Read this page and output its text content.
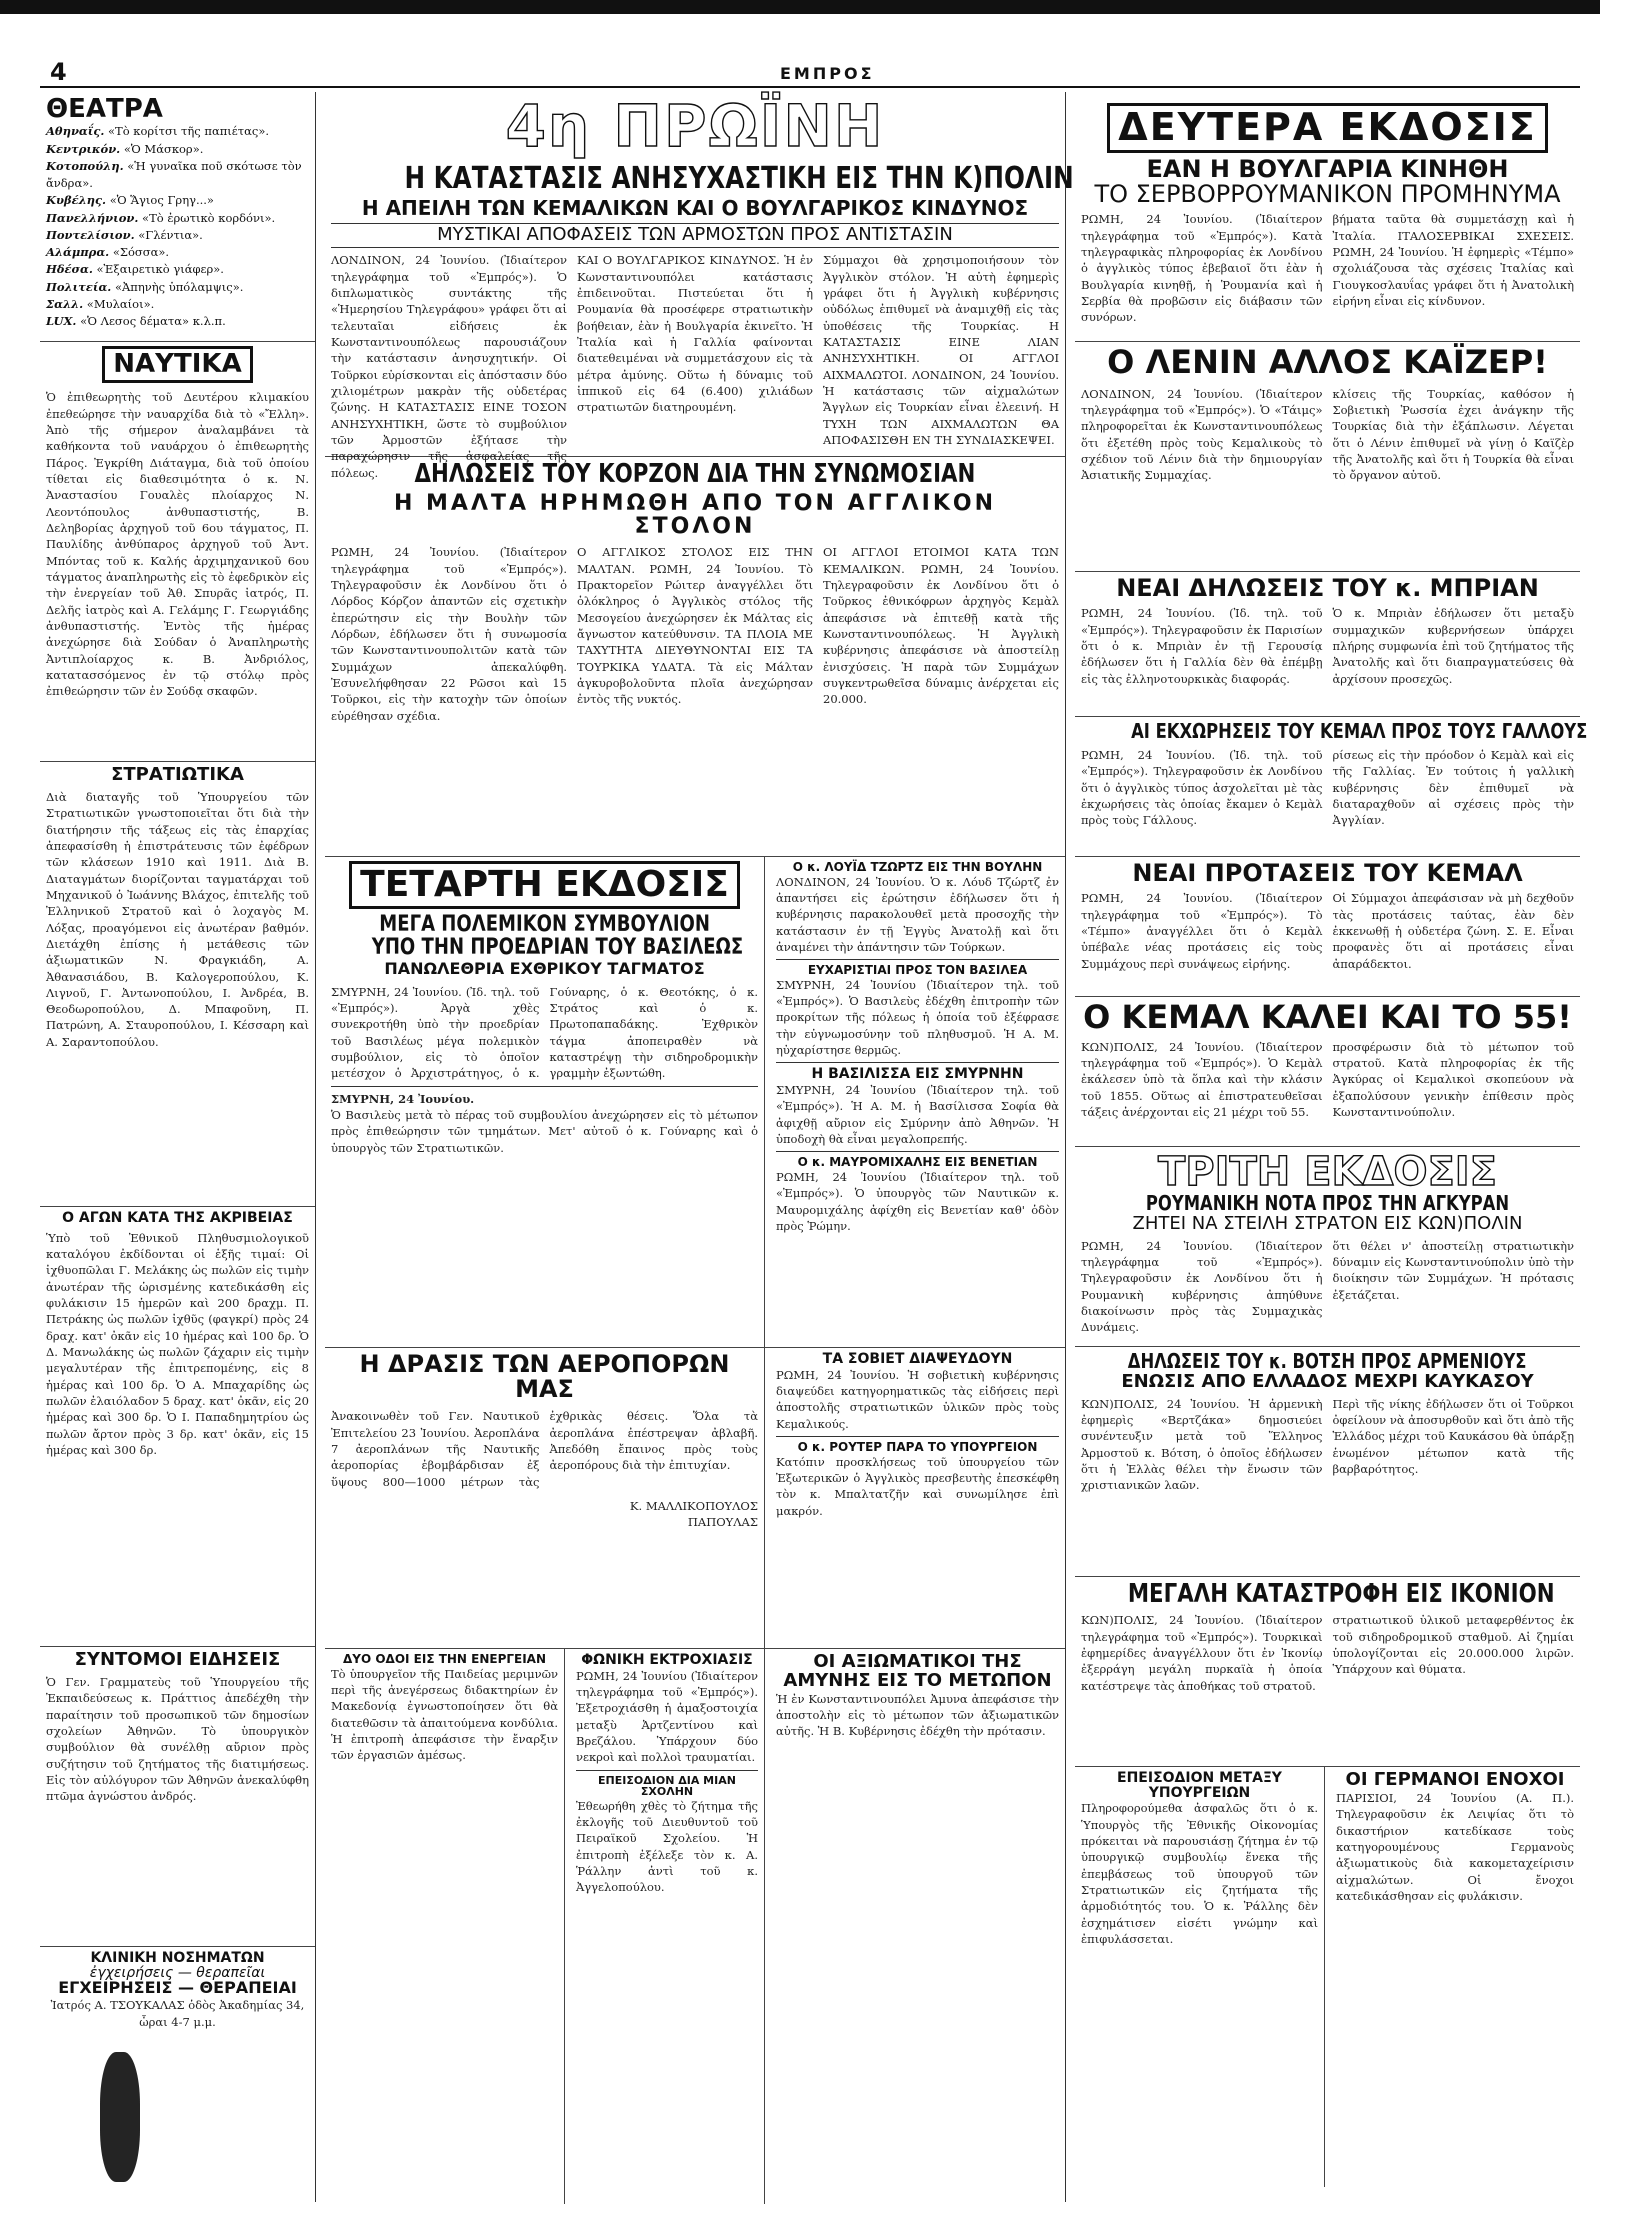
4	ΕΜΠΡΟΣ
ΘΕΑΤΡΑ
Αθηναΐς. «Τὸ κορίτσι τῆς παπιέτας».
Κεντρικόν. «Ὁ Μάσκορ».
Κοτοπούλη. «Ἡ γυναῖκα ποῦ σκότωσε τὸν ἄνδρα».
Κυβέλης. «Ὁ Ἅγιος Γρηγ...»
Πανελλήνιον. «Τὸ ἐρωτικὸ κορδόνι».
Ποντελίσιον. «Γλέντια».
Αλάμπρα. «Σόσσα».
Ηδέσα. «Ἐξαιρετικὸ γιάφερ».
Πολιτεία. «Ἀπηνὴς ὑπόλαμψις».
Σαλλ. «Μυλαίοι».
LUX. «Ὁ Λεσος δέματα» κ.λ.π.
ΝΑΥΤΙΚΑ
Ὁ ἐπιθεωρητὴς τοῦ Δευτέρου κλιμακίου ἐπεθεώρησε τὴν ναυαρχίδα διὰ τὸ «Ἔλλη». Ἀπὸ τῆς σήμερον ἀναλαμβάνει τὰ καθήκοντα τοῦ ναυάρχου ὁ ἐπιθεωρητὴς Πάρος. Ἐγκρίθη Διάταγμα, διὰ τοῦ ὁποίου τίθεται εἰς διαθεσιμότητα ὁ κ. Ν. Ἀναστασίου Γουαλὲς πλοίαρχος Ν. Λεοντόπουλος ἀνθυπαστιστής, Β. Δεληβορίας ἀρχηγοῦ τοῦ 6ου τάγματος, Π. Παυλίδης ἀνθύπαρος ἀρχηγοῦ τοῦ Ἀντ. Μπόντας τοῦ κ. Καλής ἀρχιμηχανικοῦ 6ου τάγματος ἀναπληρωτὴς εἰς τὸ ἐφεδρικὸν εἰς τὴν ἐνεργείαν τοῦ Ἀθ. Σπυρᾶς ἰατρός, Π. Δελῆς ἰατρὸς καὶ Α. Γελάμης Γ. Γεωργιάδης ἀνθυπαστιστής. Ἐντὸς τῆς ἡμέρας ἀνεχώρησε διὰ Σούδαν ὁ Ἀναπληρωτὴς Ἀντιπλοίαρχος κ. Β. Ἀνδριόλος, κατατασσόμενος ἐν τῷ στόλῳ πρὸς ἐπιθεώρησιν τῶν ἐν Σούδᾳ σκαφῶν.
ΣΤΡΑΤΙΩΤΙΚΑ
Διὰ διαταγῆς τοῦ Ὑπουργείου τῶν Στρατιωτικῶν γνωστοποιεῖται ὅτι διὰ τὴν διατήρησιν τῆς τάξεως εἰς τὰς ἐπαρχίας ἀπεφασίσθη ἡ ἐπιστράτευσις τῶν ἐφέδρων τῶν κλάσεων 1910 καὶ 1911. Διὰ Β. Διαταγμάτων διορίζονται ταγματάρχαι τοῦ Μηχανικοῦ ὁ Ἰωάννης Βλάχος, ἐπιτελῆς τοῦ Ἐλληνικοῦ Στρατοῦ καὶ ὁ λοχαγὸς Μ. Λόξας, προαγόμενοι εἰς ἀνωτέραν βαθμόν. Διετάχθη ἐπίσης ἡ μετάθεσις τῶν ἀξιωματικῶν Ν. Φραγκιάδη, Α. Ἀθανασιάδου, Β. Καλογεροπούλου, Κ. Λιγνοῦ, Γ. Ἀντωνοπούλου, Ι. Ἀνδρέα, Β. Θεοδωροπούλου, Δ. Μπαφοῦνη, Π. Πατρώνη, Α. Σταυροπούλου, Ι. Κέσσαρη καὶ Α. Σαραντοπούλου.
Ο ΑΓΩΝ ΚΑΤΑ ΤΗΣ ΑΚΡΙΒΕΙΑΣ
Ὑπὸ τοῦ Ἐθνικοῦ Πληθυσμιολογικοῦ καταλόγου ἐκδίδονται οἱ ἑξῆς τιμαί: Οἱ ἰχθυοπῶλαι Γ. Μελάκης ὡς πωλῶν εἰς τιμὴν ἀνωτέραν τῆς ὡρισμένης κατεδικάσθη εἰς φυλάκισιν 15 ἡμερῶν καὶ 200 δραχμ. Π. Πετράκης ὡς πωλῶν ἰχθῦς (φαγκρί) πρὸς 24 δραχ. κατ' ὀκᾶν εἰς 10 ἡμέρας καὶ 100 δρ. Ὁ Δ. Μανωλάκης ὡς πωλῶν ζάχαριν εἰς τιμὴν μεγαλυτέραν τῆς ἐπιτρεπομένης, εἰς 8 ἡμέρας καὶ 100 δρ. Ὁ Α. Μπαχαρίδης ὡς πωλῶν ἐλαιόλαδον 5 δραχ. κατ' ὀκᾶν, εἰς 20 ἡμέρας καὶ 300 δρ. Ὁ Ι. Παπαδημητρίου ὡς πωλῶν ἄρτον πρὸς 3 δρ. κατ' ὀκᾶν, εἰς 15 ἡμέρας καὶ 300 δρ.
ΣΥΝΤΟΜΟΙ ΕΙΔΗΣΕΙΣ
Ὁ Γεν. Γραμματεὺς τοῦ Ὑπουργείου τῆς Ἐκπαιδεύσεως κ. Πράττιος ἀπεδέχθη τὴν παραίτησιν τοῦ προσωπικοῦ τῶν δημοσίων σχολείων Ἀθηνῶν. Τὸ ὑπουργικὸν συμβούλιον θὰ συνέλθῃ αὔριον πρὸς συζήτησιν τοῦ ζητήματος τῆς διατιμήσεως. Εἰς τὸν αὐλόγυρον τῶν Ἀθηνῶν ἀνεκαλύφθη πτῶμα ἀγνώστου ἀνδρός.
ΚΛΙΝΙΚΗ ΝΟΣΗΜΑΤΩΝ
ἐγχειρήσεις — θεραπεῖαι
ΕΓΧΕΙΡΗΣΕΙΣ — ΘΕΡΑΠΕΙΑΙ
Ἰατρός Α. ΤΣΟΥΚΑΛΑΣ ὁδὸς Ἀκαδημίας 34, ὧραι 4-7 μ.μ.
4η ΠΡΩΪΝΗ
Η ΚΑΤΑΣΤΑΣΙΣ ΑΝΗΣΥΧΑΣΤΙΚΗ ΕΙΣ ΤΗΝ Κ)ΠΟΛΙΝ
Η ΑΠΕΙΛΗ ΤΩΝ ΚΕΜΑΛΙΚΩΝ ΚΑΙ Ο ΒΟΥΛΓΑΡΙΚΟΣ ΚΙΝΔΥΝΟΣ
ΜΥΣΤΙΚΑΙ ΑΠΟΦΑΣΕΙΣ ΤΩΝ ΑΡΜΟΣΤΩΝ ΠΡΟΣ ΑΝΤΙΣΤΑΣΙΝ
ΛΟΝΔΙΝΟΝ, 24 Ἰουνίου. (Ἰδιαίτερον τηλεγράφημα τοῦ «Ἐμπρός»). Ὁ διπλωματικὸς συντάκτης τῆς «Ἡμερησίου Τηλεγράφου» γράφει ὅτι αἱ τελευταῖαι εἰδήσεις ἐκ Κωνσταντινουπόλεως παρουσιάζουν τὴν κατάστασιν ἀνησυχητικήν. Οἱ Τοῦρκοι εὑρίσκονται εἰς ἀπόστασιν δύο χιλιομέτρων μακρὰν τῆς οὐδετέρας ζώνης. Η ΚΑΤΑΣΤΑΣΙΣ ΕΙΝΕ ΤΟΣΟΝ ΑΝΗΣΥΧΗΤΙΚΗ, ὥστε τὸ συμβούλιον τῶν Ἀρμοστῶν ἐξήτασε τὴν παραχώρησιν τῆς ἀσφαλείας τῆς πόλεως.
ΚΑΙ Ο ΒΟΥΛΓΑΡΙΚΟΣ ΚΙΝΔΥΝΟΣ. Ἡ ἐν Κωνσταντινουπόλει κατάστασις ἐπιδεινοῦται. Πιστεύεται ὅτι ἡ Ρουμανία θὰ προσέφερε στρατιωτικὴν βοήθειαν, ἐὰν ἡ Βουλγαρία ἐκινεῖτο. Ἡ Ἰταλία καὶ ἡ Γαλλία φαίνονται διατεθειμέναι νὰ συμμετάσχουν εἰς τὰ μέτρα ἀμύνης. Οὕτω ἡ δύναμις τοῦ ἱππικοῦ εἰς 64 (6.400) χιλιάδων στρατιωτῶν διατηρουμένη.
Σύμμαχοι θὰ χρησιμοποιήσουν τὸν Ἀγγλικὸν στόλον. Ἡ αὐτὴ ἐφημερὶς γράφει ὅτι ἡ Ἀγγλικὴ κυβέρνησις οὐδόλως ἐπιθυμεῖ νὰ ἀναμιχθῇ εἰς τὰς ὑποθέσεις τῆς Τουρκίας. Η ΚΑΤΑΣΤΑΣΙΣ ΕΙΝΕ ΛΙΑΝ ΑΝΗΣΥΧΗΤΙΚΗ. ΟΙ ΑΓΓΛΟΙ ΑΙΧΜΑΛΩΤΟΙ. ΛΟΝΔΙΝΟΝ, 24 Ἰουνίου. Ἡ κατάστασις τῶν αἰχμαλώτων Ἄγγλων εἰς Τουρκίαν εἶναι ἐλεεινή. Η ΤΥΧΗ ΤΩΝ ΑΙΧΜΑΛΩΤΩΝ ΘΑ ΑΠΟΦΑΣΙΣΘΗ ΕΝ ΤΗ ΣΥΝΔΙΑΣΚΕΨΕΙ.
ΔΗΛΩΣΕΙΣ ΤΟΥ ΚΟΡΖΟΝ ΔΙΑ ΤΗΝ ΣΥΝΩΜΟΣΙΑΝ
Η ΜΑΛΤΑ ΗΡΗΜΩΘΗ ΑΠΟ ΤΟΝ ΑΓΓΛΙΚΟΝ ΣΤΟΛΟΝ
ΡΩΜΗ, 24 Ἰουνίου. (Ἰδιαίτερον τηλεγράφημα τοῦ «Ἐμπρός»). Τηλεγραφοῦσιν ἐκ Λονδίνου ὅτι ὁ Λόρδος Κόρζον ἀπαντῶν εἰς σχετικὴν ἐπερώτησιν εἰς τὴν Βουλὴν τῶν Λόρδων, ἐδήλωσεν ὅτι ἡ συνωμοσία τῶν Κωνσταντινουπολιτῶν κατὰ τῶν Συμμάχων ἀπεκαλύφθη. Ἐσυνελήφθησαν 22 Ρῶσοι καὶ 15 Τοῦρκοι, εἰς τὴν κατοχὴν τῶν ὁποίων εὑρέθησαν σχέδια.
Ο ΑΓΓΛΙΚΟΣ ΣΤΟΛΟΣ ΕΙΣ ΤΗΝ ΜΑΛΤΑΝ. ΡΩΜΗ, 24 Ἰουνίου. Τὸ Πρακτορεῖον Ρώιτερ ἀναγγέλλει ὅτι ὁλόκληρος ὁ Ἀγγλικὸς στόλος τῆς Μεσογείου ἀνεχώρησεν ἐκ Μάλτας εἰς ἄγνωστον κατεύθυνσιν. ΤΑ ΠΛΟΙΑ ΜΕ ΤΑΧΥΤΗΤΑ ΔΙΕΥΘΥΝΟΝΤΑΙ ΕΙΣ ΤΑ ΤΟΥΡΚΙΚΑ ΥΔΑΤΑ. Τὰ εἰς Μάλταν ἀγκυροβολοῦντα πλοῖα ἀνεχώρησαν ἐντὸς τῆς νυκτός.
ΟΙ ΑΓΓΛΟΙ ΕΤΟΙΜΟΙ ΚΑΤΑ ΤΩΝ ΚΕΜΑΛΙΚΩΝ. ΡΩΜΗ, 24 Ἰουνίου. Τηλεγραφοῦσιν ἐκ Λονδίνου ὅτι ὁ Τοῦρκος ἐθνικόφρων ἀρχηγὸς Κεμὰλ ἀπεφάσισε νὰ ἐπιτεθῇ κατὰ τῆς Κωνσταντινουπόλεως. Ἡ Ἀγγλικὴ κυβέρνησις ἀπεφάσισε νὰ ἀποστείλῃ ἐνισχύσεις. Ἡ παρὰ τῶν Συμμάχων συγκεντρωθεῖσα δύναμις ἀνέρχεται εἰς 20.000.
ΤΕΤΑΡΤΗ ΕΚΔΟΣΙΣ
ΜΕΓΑ ΠΟΛΕΜΙΚΟΝ ΣΥΜΒΟΥΛΙΟΝ
ΥΠΟ ΤΗΝ ΠΡΟΕΔΡΙΑΝ ΤΟΥ ΒΑΣΙΛΕΩΣ
ΠΑΝΩΛΕΘΡΙΑ ΕΧΘΡΙΚΟΥ ΤΑΓΜΑΤΟΣ
ΣΜΥΡΝΗ, 24 Ἰουνίου. (Ἰδ. τηλ. τοῦ «Ἐμπρός»). Ἀργὰ χθὲς συνεκροτήθη ὑπὸ τὴν προεδρίαν τοῦ Βασιλέως μέγα πολεμικὸν συμβούλιον, εἰς τὸ ὁποῖον μετέσχον ὁ Ἀρχιστράτηγος, ὁ κ. Γούναρης, ὁ κ. Θεοτόκης, ὁ κ. Στράτος καὶ ὁ κ. Πρωτοπαπαδάκης. Ἐχθρικὸν τάγμα ἀποπειραθὲν νὰ καταστρέψῃ τὴν σιδηροδρομικὴν γραμμὴν ἐξωντώθη.
ΣΜΥΡΝΗ, 24 Ἰουνίου.
Ὁ Βασιλεὺς μετὰ τὸ πέρας τοῦ συμβουλίου ἀνεχώρησεν εἰς τὸ μέτωπον πρὸς ἐπιθεώρησιν τῶν τμημάτων. Μετ' αὐτοῦ ὁ κ. Γούναρης καὶ ὁ ὑπουργὸς τῶν Στρατιωτικῶν.
Ο κ. ΛΟΥΪΔ ΤΖΩΡΤΖ ΕΙΣ ΤΗΝ ΒΟΥΛΗΝ
ΛΟΝΔΙΝΟΝ, 24 Ἰουνίου. Ὁ κ. Λόυδ Τζώρτζ ἐν ἀπαντήσει εἰς ἐρώτησιν ἐδήλωσεν ὅτι ἡ κυβέρνησις παρακολουθεῖ μετὰ προσοχῆς τὴν κατάστασιν ἐν τῇ Ἐγγὺς Ἀνατολῇ καὶ ὅτι ἀναμένει τὴν ἀπάντησιν τῶν Τούρκων.
ΕΥΧΑΡΙΣΤΙΑΙ ΠΡΟΣ ΤΟΝ ΒΑΣΙΛΕΑ
ΣΜΥΡΝΗ, 24 Ἰουνίου (Ἰδιαίτερον τηλ. τοῦ «Ἐμπρός»). Ὁ Βασιλεὺς ἐδέχθη ἐπιτροπὴν τῶν προκρίτων τῆς πόλεως ἡ ὁποία τοῦ ἐξέφρασε τὴν εὐγνωμοσύνην τοῦ πληθυσμοῦ. Ἡ Α. Μ. ηὐχαρίστησε θερμῶς.
Η ΒΑΣΙΛΙΣΣΑ ΕΙΣ ΣΜΥΡΝΗΝ
ΣΜΥΡΝΗ, 24 Ἰουνίου (Ἰδιαίτερον τηλ. τοῦ «Ἐμπρός»). Ἡ Α. Μ. ἡ Βασίλισσα Σοφία θὰ ἀφιχθῇ αὔριον εἰς Σμύρνην ἀπὸ Ἀθηνῶν. Ἡ ὑποδοχὴ θὰ εἶναι μεγαλοπρεπής.
Ο κ. ΜΑΥΡΟΜΙΧΑΛΗΣ ΕΙΣ ΒΕΝΕΤΙΑΝ
ΡΩΜΗ, 24 Ἰουνίου (Ἰδιαίτερον τηλ. τοῦ «Ἐμπρός»). Ὁ ὑπουργὸς τῶν Ναυτικῶν κ. Μαυρομιχάλης ἀφίχθη εἰς Βενετίαν καθ' ὁδὸν πρὸς Ῥώμην.
Η ΔΡΑΣΙΣ ΤΩΝ ΑΕΡΟΠΟΡΩΝ ΜΑΣ
Ἀνακοινωθὲν τοῦ Γεν. Ναυτικοῦ Ἐπιτελείου 23 Ἰουνίου. Ἀεροπλάνα 7 ἀεροπλάνων τῆς Ναυτικῆς ἀεροπορίας ἐβομβάρδισαν ἐξ ὕψους 800—1000 μέτρων τὰς ἐχθρικὰς θέσεις. Ὅλα τὰ ἀεροπλάνα ἐπέστρεψαν ἀβλαβῆ. Ἀπεδόθη ἔπαινος πρὸς τοὺς ἀεροπόρους διὰ τὴν ἐπιτυχίαν.
Κ. ΜΑΛΛΙΚΟΠΟΥΛΟΣ
ΠΑΠΟΥΛΑΣ
ΤΑ ΣΟΒΙΕΤ ΔΙΑΨΕΥΔΟΥΝ
ΡΩΜΗ, 24 Ἰουνίου. Ἡ σοβιετικὴ κυβέρνησις διαψεύδει κατηγορηματικῶς τὰς εἰδήσεις περὶ ἀποστολῆς στρατιωτικῶν ὑλικῶν πρὸς τοὺς Κεμαλικούς.
Ο κ. ΡΟΥΤΕΡ ΠΑΡΑ ΤΟ ΥΠΟΥΡΓΕΙΟΝ
Κατόπιν προσκλήσεως τοῦ ὑπουργείου τῶν Ἐξωτερικῶν ὁ Ἀγγλικὸς πρεσβευτὴς ἐπεσκέφθη τὸν κ. Μπαλτατζῆν καὶ συνωμίλησε ἐπὶ μακρόν.
ΔΥΟ ΟΔΟΙ ΕΙΣ ΤΗΝ ΕΝΕΡΓΕΙΑΝ
Τὸ ὑπουργεῖον τῆς Παιδείας μεριμνῶν περὶ τῆς ἀνεγέρσεως διδακτηρίων ἐν Μακεδονίᾳ ἐγνωστοποίησεν ὅτι θὰ διατεθῶσιν τὰ ἀπαιτούμενα κονδύλια. Ἡ ἐπιτροπὴ ἀπεφάσισε τὴν ἔναρξιν τῶν ἐργασιῶν ἀμέσως.
ΦΩΝΙΚΗ ΕΚΤΡΟΧΙΑΣΙΣ
ΡΩΜΗ, 24 Ἰουνίου (Ἰδιαίτερον τηλεγράφημα τοῦ «Ἐμπρός»). Ἐξετροχιάσθη ἡ ἀμαξοστοιχία μεταξὺ Ἀρτζεντίνου καὶ Βρεζάλου. Ὑπάρχουν δύο νεκροὶ καὶ πολλοὶ τραυματίαι.
ΕΠΕΙΣΟΔΙΟΝ ΔΙΑ ΜΙΑΝ ΣΧΟΛΗΝ
Ἐθεωρήθη χθὲς τὸ ζήτημα τῆς ἐκλογῆς τοῦ Διευθυντοῦ τοῦ Πειραϊκοῦ Σχολείου. Ἡ ἐπιτροπὴ ἐξέλεξε τὸν κ. Α. Ῥάλλην ἀντὶ τοῦ κ. Ἀγγελοπούλου.
ΟΙ ΑΞΙΩΜΑΤΙΚΟΙ ΤΗΣ ΑΜΥΝΗΣ ΕΙΣ ΤΟ ΜΕΤΩΠΟΝ
Ἡ ἐν Κωνσταντινουπόλει Ἀμυνα ἀπεφάσισε τὴν ἀποστολὴν εἰς τὸ μέτωπον τῶν ἀξιωματικῶν αὐτῆς. Ἡ Β. Κυβέρνησις ἐδέχθη τὴν πρότασιν.
ΔΕΥΤΕΡΑ ΕΚΔΟΣΙΣ
ΕΑΝ Η ΒΟΥΛΓΑΡΙΑ ΚΙΝΗΘΗ
ΤΟ ΣΕΡΒΟΡΡΟΥΜΑΝΙΚΟΝ ΠΡΟΜΗΝΥΜΑ
ΡΩΜΗ, 24 Ἰουνίου. (Ἰδιαίτερον τηλεγράφημα τοῦ «Ἐμπρός»). Κατὰ τηλεγραφικὰς πληροφορίας ἐκ Λονδίνου ὁ ἀγγλικὸς τύπος ἐβεβαιοῖ ὅτι ἐὰν ἡ Βουλγαρία κινηθῇ, ἡ Ῥουμανία καὶ ἡ Σερβία θὰ προβῶσιν εἰς διάβασιν τῶν συνόρων.
βήματα ταῦτα θὰ συμμετάσχῃ καὶ ἡ Ἰταλία. ΙΤΑΛΟΣΕΡΒΙΚΑΙ ΣΧΕΣΕΙΣ. ΡΩΜΗ, 24 Ἰουνίου. Ἡ ἐφημερὶς «Τέμπο» σχολιάζουσα τὰς σχέσεις Ἰταλίας καὶ Γιουγκοσλαυΐας γράφει ὅτι ἡ Ἀνατολικὴ εἰρήνη εἶναι εἰς κίνδυνον.
Ο ΛΕΝΙΝ ΑΛΛΟΣ ΚΑΪΖΕΡ!
ΛΟΝΔΙΝΟΝ, 24 Ἰουνίου. (Ἰδιαίτερον τηλεγράφημα τοῦ «Ἐμπρός»). Ὁ «Τάιμς» πληροφορεῖται ἐκ Κωνσταντινουπόλεως ὅτι ἐξετέθη πρὸς τοὺς Κεμαλικοὺς τὸ σχέδιον τοῦ Λένιν διὰ τὴν δημιουργίαν Ἀσιατικῆς Συμμαχίας.
κλίσεις τῆς Τουρκίας, καθόσον ἡ Σοβιετικὴ Ῥωσσία ἐχει ἀνάγκην τῆς Τουρκίας διὰ τὴν ἐξάπλωσιν. Λέγεται ὅτι ὁ Λένιν ἐπιθυμεῖ νὰ γίνῃ ὁ Καϊζὲρ τῆς Ἀνατολῆς καὶ ὅτι ἡ Τουρκία θὰ εἶναι τὸ ὄργανον αὐτοῦ.
ΝΕΑΙ ΔΗΛΩΣΕΙΣ ΤΟΥ κ. ΜΠΡΙΑΝ
ΡΩΜΗ, 24 Ἰουνίου. (Ἰδ. τηλ. τοῦ «Ἐμπρός»). Τηλεγραφοῦσιν ἐκ Παρισίων ὅτι ὁ κ. Μπριὰν ἐν τῇ Γερουσίᾳ ἐδήλωσεν ὅτι ἡ Γαλλία δὲν θὰ ἐπέμβῃ εἰς τὰς ἐλληνοτουρκικὰς διαφοράς.
Ὁ κ. Μπριὰν ἐδήλωσεν ὅτι μεταξὺ συμμαχικῶν κυβερνήσεων ὑπάρχει πλήρης συμφωνία ἐπὶ τοῦ ζητήματος τῆς Ἀνατολῆς καὶ ὅτι διαπραγματεύσεις θὰ ἀρχίσουν προσεχῶς.
ΑΙ ΕΚΧΩΡΗΣΕΙΣ ΤΟΥ ΚΕΜΑΛ ΠΡΟΣ ΤΟΥΣ ΓΑΛΛΟΥΣ
ΡΩΜΗ, 24 Ἰουνίου. (Ἰδ. τηλ. τοῦ «Ἐμπρός»). Τηλεγραφοῦσιν ἐκ Λονδίνου ὅτι ὁ ἀγγλικὸς τύπος ἀσχολεῖται μὲ τὰς ἐκχωρήσεις τὰς ὁποίας ἔκαμεν ὁ Κεμὰλ πρὸς τοὺς Γάλλους.
ρίσεως εἰς τὴν πρόοδον ὁ Κεμὰλ καὶ εἰς τῆς Γαλλίας. Ἐν τούτοις ἡ γαλλικὴ κυβέρνησις δὲν ἐπιθυμεῖ νὰ διαταραχθοῦν αἱ σχέσεις πρὸς τὴν Ἀγγλίαν.
ΝΕΑΙ ΠΡΟΤΑΣΕΙΣ ΤΟΥ ΚΕΜΑΛ
ΡΩΜΗ, 24 Ἰουνίου. (Ἰδιαίτερον τηλεγράφημα τοῦ «Ἐμπρός»). Τὸ «Τέμπο» ἀναγγέλλει ὅτι ὁ Κεμὰλ ὑπέβαλε νέας προτάσεις εἰς τοὺς Συμμάχους περὶ συνάψεως εἰρήνης.
Οἱ Σύμμαχοι ἀπεφάσισαν νὰ μὴ δεχθοῦν τὰς προτάσεις ταύτας, ἐὰν δὲν ἐκκενωθῇ ἡ οὐδετέρα ζώνη. Σ. Ε. Εἶναι προφανὲς ὅτι αἱ προτάσεις εἶναι ἀπαράδεκτοι.
Ο ΚΕΜΑΛ ΚΑΛΕΙ ΚΑΙ ΤΟ 55!
ΚΩΝ)ΠΟΛΙΣ, 24 Ἰουνίου. (Ἰδιαίτερον τηλεγράφημα τοῦ «Ἐμπρός»). Ὁ Κεμὰλ ἐκάλεσεν ὑπὸ τὰ ὅπλα καὶ τὴν κλάσιν τοῦ 1855. Οὕτως αἱ ἐπιστρατευθεῖσαι τάξεις ἀνέρχονται εἰς 21 μέχρι τοῦ 55.
προσφέρωσιν διὰ τὸ μέτωπον τοῦ στρατοῦ. Κατὰ πληροφορίας ἐκ τῆς Ἀγκύρας οἱ Κεμαλικοὶ σκοπεύουν νὰ ἐξαπολύσουν γενικὴν ἐπίθεσιν πρὸς Κωνσταντινούπολιν.
ΤΡΙΤΗ ΕΚΔΟΣΙΣ
ΡΟΥΜΑΝΙΚΗ ΝΟΤΑ ΠΡΟΣ ΤΗΝ ΑΓΚΥΡΑΝ
ΖΗΤΕΙ ΝΑ ΣΤΕΙΛΗ ΣΤΡΑΤΟΝ ΕΙΣ ΚΩΝ)ΠΟΛΙΝ
ΡΩΜΗ, 24 Ἰουνίου. (Ἰδιαίτερον τηλεγράφημα τοῦ «Ἐμπρός»). Τηλεγραφοῦσιν ἐκ Λονδίνου ὅτι ἡ Ρουμανικὴ κυβέρνησις ἀπηύθυνε διακοίνωσιν πρὸς τὰς Συμμαχικὰς Δυνάμεις.
ὅτι θέλει ν' ἀποστείλῃ στρατιωτικὴν δύναμιν εἰς Κωνσταντινούπολιν ὑπὸ τὴν διοίκησιν τῶν Συμμάχων. Ἡ πρότασις ἐξετάζεται.
ΔΗΛΩΣΕΙΣ ΤΟΥ κ. ΒΟΤΣΗ ΠΡΟΣ ΑΡΜΕΝΙΟΥΣ
ΕΝΩΣΙΣ ΑΠΟ ΕΛΛΑΔΟΣ ΜΕΧΡΙ ΚΑΥΚΑΣΟΥ
ΚΩΝ)ΠΟΛΙΣ, 24 Ἰουνίου. Ἡ ἀρμενικὴ ἐφημερὶς «Βερτζάκα» δημοσιεύει συνέντευξιν μετὰ τοῦ Ἕλληνος Ἀρμοστοῦ κ. Βότση, ὁ ὁποῖος ἐδήλωσεν ὅτι ἡ Ἑλλὰς θέλει τὴν ἕνωσιν τῶν χριστιανικῶν λαῶν.
Περὶ τῆς νίκης ἐδήλωσεν ὅτι οἱ Τοῦρκοι ὀφείλουν νὰ ἀποσυρθοῦν καὶ ὅτι ἀπὸ τῆς Ἑλλάδος μέχρι τοῦ Καυκάσου θὰ ὑπάρξῃ ἑνωμένον μέτωπον κατὰ τῆς βαρβαρότητος.
ΜΕΓΑΛΗ ΚΑΤΑΣΤΡΟΦΗ ΕΙΣ ΙΚΟΝΙΟΝ
ΚΩΝ)ΠΟΛΙΣ, 24 Ἰουνίου. (Ἰδιαίτερον τηλεγράφημα τοῦ «Ἐμπρός»). Τουρκικαὶ ἐφημερίδες ἀναγγέλλουν ὅτι ἐν Ἰκονίῳ ἐξερράγη μεγάλη πυρκαϊὰ ἡ ὁποία κατέστρεψε τὰς ἀποθήκας τοῦ στρατοῦ.
στρατιωτικοῦ ὑλικοῦ μεταφερθέντος ἐκ τοῦ σιδηροδρομικοῦ σταθμοῦ. Αἱ ζημίαι ὑπολογίζονται εἰς 20.000.000 λιρῶν. Ὑπάρχουν καὶ θύματα.
ΕΠΕΙΣΟΔΙΟΝ ΜΕΤΑΞΥ ΥΠΟΥΡΓΕΙΩΝ
Πληροφορούμεθα ἀσφαλῶς ὅτι ὁ κ. Ὑπουργὸς τῆς Ἐθνικῆς Οἰκονομίας πρόκειται νὰ παρουσιάσῃ ζήτημα ἐν τῷ ὑπουργικῷ συμβουλίῳ ἕνεκα τῆς ἐπεμβάσεως τοῦ ὑπουργοῦ τῶν Στρατιωτικῶν εἰς ζητήματα τῆς ἁρμοδιότητός του. Ὁ κ. Ῥάλλης δὲν ἐσχημάτισεν εἰσέτι γνώμην καὶ ἐπιφυλάσσεται.
ΟΙ ΓΕΡΜΑΝΟΙ ΕΝΟΧΟΙ
ΠΑΡΙΣΙΟΙ, 24 Ἰουνίου (Α. Π.). Τηλεγραφοῦσιν ἐκ Λειψίας ὅτι τὸ δικαστήριον κατεδίκασε τοὺς κατηγορουμένους Γερμανοὺς ἀξιωματικοὺς διὰ κακομεταχείρισιν αἰχμαλώτων. Οἱ ἔνοχοι κατεδικάσθησαν εἰς φυλάκισιν.
